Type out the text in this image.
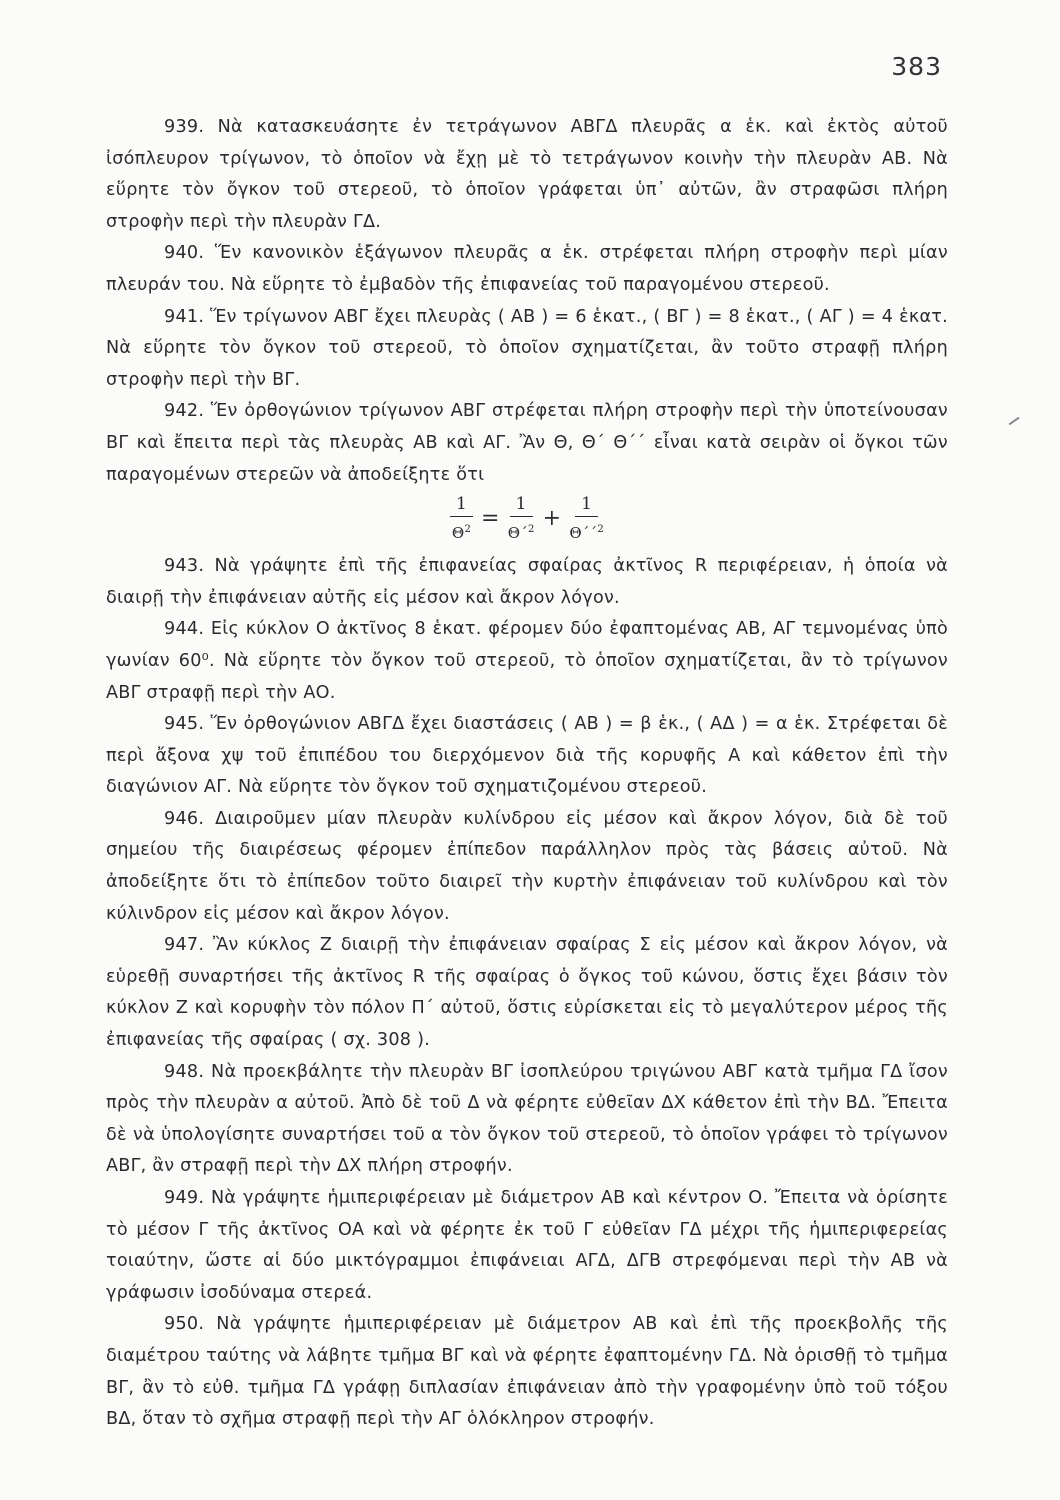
383

939. Νὰ κατασκευάσητε ἐν τετράγωνον ΑΒΓΔ πλευρᾶς α ἑκ. καὶ ἐκτὸς αὐτοῦ ἰσόπλευρον τρίγωνον, τὸ ὁποῖον νὰ ἔχῃ μὲ τὸ τετράγωνον κοινὴν τὴν πλευρὰν ΑΒ. Νὰ εὕρητε τὸν ὄγκον τοῦ στερεοῦ, τὸ ὁποῖον γράφεται ὑπ᾽ αὐτῶν, ἂν στραφῶσι πλήρη στροφὴν περὶ τὴν πλευρὰν ΓΔ.

940. Ἕν κανονικὸν ἑξάγωνον πλευρᾶς α ἑκ. στρέφεται πλήρη στροφὴν περὶ μίαν πλευράν του. Νὰ εὕρητε τὸ ἐμβαδὸν τῆς ἐπιφανείας τοῦ παραγομένου στερεοῦ.

941. Ἕν τρίγωνον ΑΒΓ ἔχει πλευρὰς ( ΑΒ ) = 6 ἑκατ., ( ΒΓ ) = 8 ἑκατ., ( ΑΓ ) = 4 ἑκατ. Νὰ εὕρητε τὸν ὄγκον τοῦ στερεοῦ, τὸ ὁποῖον σχηματίζεται, ἂν τοῦτο στραφῇ πλήρη στροφὴν περὶ τὴν ΒΓ.

942. Ἕν ὀρθογώνιον τρίγωνον ΑΒΓ στρέφεται πλήρη στροφὴν περὶ τὴν ὑποτείνουσαν ΒΓ καὶ ἔπειτα περὶ τὰς πλευρὰς ΑΒ καὶ ΑΓ. Ἂν Θ, Θ΄ Θ΄΄ εἶναι κατὰ σειρὰν οἱ ὄγκοι τῶν παραγομένων στερεῶν νὰ ἀποδείξητε ὅτι

$\frac{1}{\Theta^2} = \frac{1}{\Theta΄^2} + \frac{1}{\Theta΄΄^2}$

943. Νὰ γράψητε ἐπὶ τῆς ἐπιφανείας σφαίρας ἀκτῖνος R περιφέρειαν, ἡ ὁποία νὰ διαιρῇ τὴν ἐπιφάνειαν αὐτῆς εἰς μέσον καὶ ἄκρον λόγον.

944. Εἰς κύκλον Ο ἀκτῖνος 8 ἑκατ. φέρομεν δύο ἐφαπτομένας ΑΒ, ΑΓ τεμνομένας ὑπὸ γωνίαν 60⁰. Νὰ εὕρητε τὸν ὄγκον τοῦ στερεοῦ, τὸ ὁποῖον σχηματίζεται, ἂν τὸ τρίγωνον ΑΒΓ στραφῇ περὶ τὴν ΑΟ.

945. Ἕν ὀρθογώνιον ΑΒΓΔ ἔχει διαστάσεις ( ΑΒ ) = β ἑκ., ( ΑΔ ) = α ἑκ. Στρέφεται δὲ περὶ ἄξονα χψ τοῦ ἐπιπέδου του διερχόμενον διὰ τῆς κορυφῆς Α καὶ κάθετον ἐπὶ τὴν διαγώνιον ΑΓ. Νὰ εὕρητε τὸν ὄγκον τοῦ σχηματιζομένου στερεοῦ.

946. Διαιροῦμεν μίαν πλευρὰν κυλίνδρου εἰς μέσον καὶ ἄκρον λόγον, διὰ δὲ τοῦ σημείου τῆς διαιρέσεως φέρομεν ἐπίπεδον παράλληλον πρὸς τὰς βάσεις αὐτοῦ. Νὰ ἀποδείξητε ὅτι τὸ ἐπίπεδον τοῦτο διαιρεῖ τὴν κυρτὴν ἐπιφάνειαν τοῦ κυλίνδρου καὶ τὸν κύλινδρον εἰς μέσον καὶ ἄκρον λόγον.

947. Ἂν κύκλος Ζ διαιρῇ τὴν ἐπιφάνειαν σφαίρας Σ εἰς μέσον καὶ ἄκρον λόγον, νὰ εὑρεθῇ συναρτήσει τῆς ἀκτῖνος R τῆς σφαίρας ὁ ὄγκος τοῦ κώνου, ὅστις ἔχει βάσιν τὸν κύκλον Ζ καὶ κορυφὴν τὸν πόλον Π΄ αὐτοῦ, ὅστις εὑρίσκεται εἰς τὸ μεγαλύτερον μέρος τῆς ἐπιφανείας τῆς σφαίρας ( σχ. 308 ).

948. Νὰ προεκβάλητε τὴν πλευρὰν ΒΓ ἰσοπλεύρου τριγώνου ΑΒΓ κατὰ τμῆμα ΓΔ ἴσον πρὸς τὴν πλευρὰν α αὐτοῦ. Ἀπὸ δὲ τοῦ Δ νὰ φέρητε εὐθεῖαν ΔΧ κάθετον ἐπὶ τὴν ΒΔ. Ἔπειτα δὲ νὰ ὑπολογίσητε συναρτήσει τοῦ α τὸν ὄγκον τοῦ στερεοῦ, τὸ ὁποῖον γράφει τὸ τρίγωνον ΑΒΓ, ἂν στραφῇ περὶ τὴν ΔΧ πλήρη στροφήν.

949. Νὰ γράψητε ἡμιπεριφέρειαν μὲ διάμετρον ΑΒ καὶ κέντρον Ο. Ἔπειτα νὰ ὁρίσητε τὸ μέσον Γ τῆς ἀκτῖνος ΟΑ καὶ νὰ φέρητε ἐκ τοῦ Γ εὐθεῖαν ΓΔ μέχρι τῆς ἡμιπεριφερείας τοιαύτην, ὥστε αἱ δύο μικτόγραμμοι ἐπιφάνειαι ΑΓΔ, ΔΓΒ στρεφόμεναι περὶ τὴν ΑΒ νὰ γράφωσιν ἰσοδύναμα στερεά.

950. Νὰ γράψητε ἡμιπεριφέρειαν μὲ διάμετρον ΑΒ καὶ ἐπὶ τῆς προεκβολῆς τῆς διαμέτρου ταύτης νὰ λάβητε τμῆμα ΒΓ καὶ νὰ φέρητε ἐφαπτομένην ΓΔ. Νὰ ὁρισθῇ τὸ τμῆμα ΒΓ, ἂν τὸ εὐθ. τμῆμα ΓΔ γράφῃ διπλασίαν ἐπιφάνειαν ἀπὸ τὴν γραφομένην ὑπὸ τοῦ τόξου ΒΔ, ὅταν τὸ σχῆμα στραφῇ περὶ τὴν ΑΓ ὁλόκληρον στροφήν.
